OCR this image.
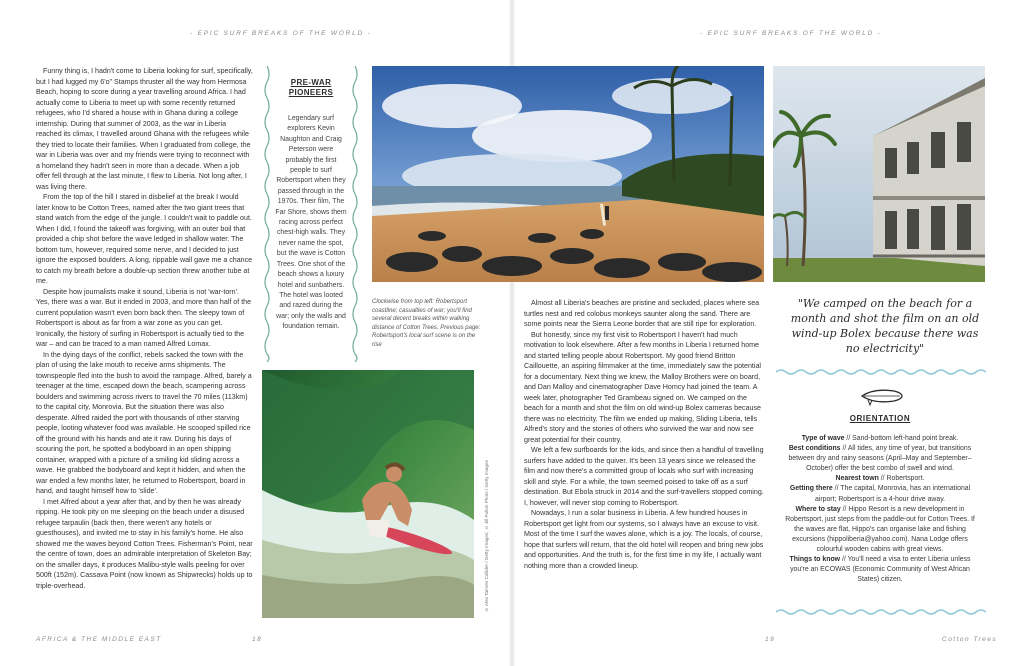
- EPIC SURF BREAKS OF THE WORLD -	- EPIC SURF BREAKS OF THE WORLD -

Funny thing is, I hadn't come to Liberia looking for surf, specifically, but I had lugged my 6'o" Stamps thruster all the way from Hermosa Beach, hoping to score during a year travelling around Africa. I had actually come to Liberia to meet up with some recently returned refugees, who I'd shared a house with in Ghana during a college internship. During that summer of 2003, as the war in Liberia reached its climax, I travelled around Ghana with the refugees while they tried to locate their families. When I graduated from college, the war in Liberia was over and my friends were trying to reconnect with a homeland they hadn't seen in more than a decade. When a job offer fell through at the last minute, I flew to Liberia. Not long after, I was living there.

From the top of the hill I stared in disbelief at the break I would later know to be Cotton Trees, named after the two giant trees that stand watch from the edge of the jungle. I couldn't wait to paddle out. When I did, I found the takeoff was forgiving, with an outer boil that provided a chip shot before the wave ledged in shallow water. The bottom turn, however, required some nerve, and I decided to just ignore the exposed boulders. A long, rippable wall gave me a chance to catch my breath before a double-up section threw another tube at me.

Despite how journalists make it sound, Liberia is not 'war-torn'. Yes, there was a war. But it ended in 2003, and more than half of the current population wasn't even born back then. The sleepy town of Robertsport is about as far from a war zone as you can get. Ironically, the history of surfing in Robertsport is actually tied to the war – and can be traced to a man named Alfred Lomax.

In the dying days of the conflict, rebels sacked the town with the plan of using the lake mouth to receive arms shipments. The townspeople fled into the bush to avoid the rampage. Alfred, barely a teenager at the time, escaped down the beach, scampering across boulders and swimming across rivers to travel the 70 miles (113km) to the capital city, Monrovia. But the situation there was also desperate. Alfred raided the port with thousands of other starving people, looting whatever food was available. He scooped spilled rice off the ground with his hands and ate it raw. During his days of scouring the port, he spotted a bodyboard in an open shipping container, wrapped with a picture of a smiling kid sliding across a wave. He grabbed the bodyboard and kept it hidden, and when the war ended a few months later, he returned to Robertsport, board in hand, and taught himself how to 'slide'.

I met Alfred about a year after that, and by then he was already ripping. He took pity on me sleeping on the beach under a disused refugee tarpaulin (back then, there weren't any hotels or guesthouses), and invited me to stay in his family's home. He also showed me the waves beyond Cotton Trees. Fisherman's Point, near the centre of town, does an admirable interpretation of Skeleton Bay; on the smaller days, it produces Malibu-style walls peeling for over 500ft (152m). Cassava Point (now known as Shipwrecks) holds up to triple-overhead.

PRE-WAR PIONEERS
Legendary surf explorers Kevin Naughton and Craig Peterson were probably the first people to surf Robertsport when they passed through in the 1970s. Their film, The Far Shore, shows them racing across perfect chest-high walls. They never name the spot, but the wave is Cotton Trees. One shot of the beach shows a luxury hotel and sunbathers. The hotel was looted and razed during the war; only the walls and foundation remain.
Clockwise from top left: Robertsport coastline; casualties of war; you'll find several decent breaks within walking distance of Cotton Trees. Previous page: Robertsport's local surf scene is on the rise
© Alex Tamres Collider / Getty Images; © Jill Fulton Photo / Getty Images

Almost all Liberia's beaches are pristine and secluded, places where sea turtles nest and red colobus monkeys saunter along the sand. There are some points near the Sierra Leone border that are still ripe for exploration.

But honestly, since my first visit to Robertsport I haven't had much motivation to look elsewhere. After a few months in Liberia I returned home and started telling people about Robertsport. My good friend Britton Caillouette, an aspiring filmmaker at the time, immediately saw the potential for a documentary. Next thing we knew, the Malloy Brothers were on board, and Dan Malloy and cinematographer Dave Homcy had joined the team. A week later, photographer Ted Grambeau signed on. We camped on the beach for a month and shot the film on old wind-up Bolex cameras because there was no electricity. The film we ended up making, Sliding Liberia, tells Alfred's story and the stories of others who survived the war and now see great potential for their country.

We left a few surfboards for the kids, and since then a handful of travelling surfers have added to the quiver. It's been 13 years since we released the film and now there's a committed group of locals who surf with increasing skill and style. For a while, the town seemed poised to take off as a surf destination. But Ebola struck in 2014 and the surf-travellers stopped coming. I, however, will never stop coming to Robertsport.

Nowadays, I run a solar business in Liberia. A few hundred houses in Robertsport get light from our systems, so I always have an excuse to visit. Most of the time I surf the waves alone, which is a joy. The locals, of course, hope that surfers will return, that the old hotel will reopen and bring new jobs and opportunities. And the truth is, for the first time in my life, I actually want nothing more than a crowded lineup.

"We camped on the beach for a month and shot the film on an old wind-up Bolex because there was no electricity"
ORIENTATION
Type of wave // Sand-bottom left-hand point break.
Best conditions // All tides, any time of year, but transitions between dry and rainy seasons (April–May and September–October) offer the best combo of swell and wind.
Nearest town // Robertsport.
Getting there // The capital, Monrovia, has an international airport; Robertsport is a 4-hour drive away.
Where to stay // Hippo Resort is a new development in Robertsport, just steps from the paddle-out for Cotton Trees. If the waves are flat, Hippo's can organise lake and fishing excursions (hippoliberia@yahoo.com). Nana Lodge offers colourful wooden cabins with great views.
Things to know // You'll need a visa to enter Liberia unless you're an ECOWAS (Economic Community of West African States) citizen.
AFRICA & THE MIDDLE EAST	18	19	Cotton Trees
